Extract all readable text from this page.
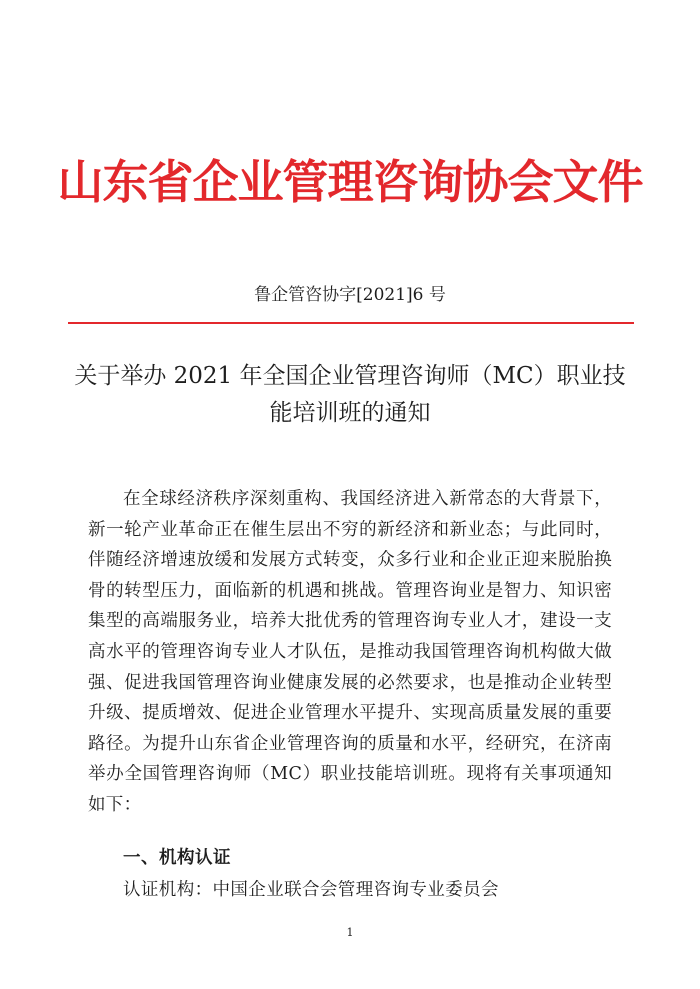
山东省企业管理咨询协会文件
鲁企管咨协字[2021]6 号
关于举办 2021 年全国企业管理咨询师（MC）职业技能培训班的通知

在全球经济秩序深刻重构、我国经济进入新常态的大背景下，新一轮产业革命正在催生层出不穷的新经济和新业态；与此同时，伴随经济增速放缓和发展方式转变，众多行业和企业正迎来脱胎换骨的转型压力，面临新的机遇和挑战。管理咨询业是智力、知识密集型的高端服务业，培养大批优秀的管理咨询专业人才，建设一支高水平的管理咨询专业人才队伍，是推动我国管理咨询机构做大做强、促进我国管理咨询业健康发展的必然要求，也是推动企业转型升级、提质增效、促进企业管理水平提升、实现高质量发展的重要路径。为提升山东省企业管理咨询的质量和水平，经研究，在济南举办全国管理咨询师（MC）职业技能培训班。现将有关事项通知如下：

一、机构认证
认证机构：中国企业联合会管理咨询专业委员会
1
